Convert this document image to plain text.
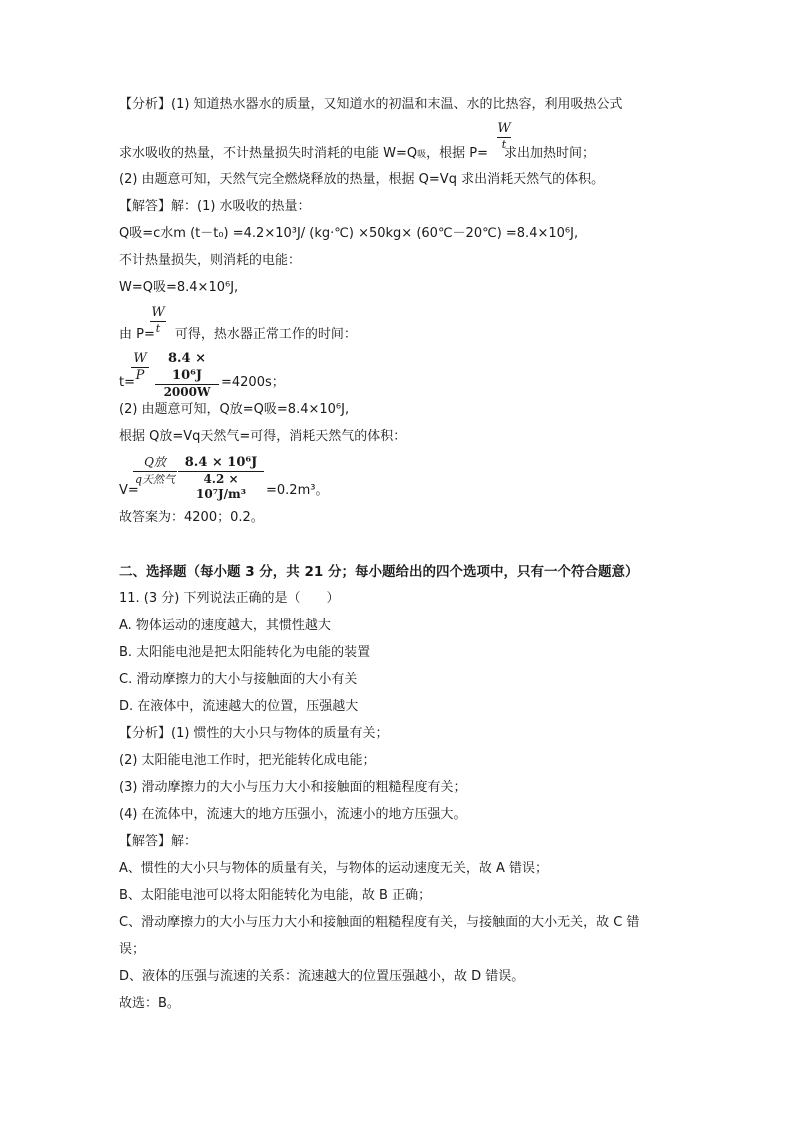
【分析】(1) 知道热水器水的质量，又知道水的初温和末温、水的比热容，利用吸热公式
W
t
求水吸收的热量，不计热量损失时消耗的电能 W=Q吸，根据 P= 求出加热时间；
(2) 由题意可知，天然气完全燃烧释放的热量，根据 Q=Vq 求出消耗天然气的体积。
【解答】解：(1) 水吸收的热量：
Q吸=c水m (t－t₀) =4.2×10³J/ (kg·℃) ×50kg× (60℃－20℃) =8.4×10⁶J,
不计热量损失，则消耗的电能：
W=Q吸=8.4×10⁶J,
W
t
由 P= 可得，热水器正常工作的时间：
$\frac{W}{P} \frac{\text{8.4 × 10⁶J}}{2000W}$
t=	=4200s；
(2) 由题意可知，Q放=Q吸=8.4×10⁶J,
根据 Q放=Vq天然气=可得，消耗天然气的体积：
Q放
q天然气 $\frac{\text{8.4 × 10⁶J}}{\text{4.2 × 10⁷J/m³}}$
V=	=0.2m³。
故答案为：4200；0.2。
二、选择题（每小题 3 分，共 21 分；每小题给出的四个选项中，只有一个符合题意）
11. (3 分) 下列说法正确的是（　　）
A. 物体运动的速度越大，其惯性越大
B. 太阳能电池是把太阳能转化为电能的装置
C. 滑动摩擦力的大小与接触面的大小有关
D. 在液体中，流速越大的位置，压强越大
【分析】(1) 惯性的大小只与物体的质量有关；
(2) 太阳能电池工作时，把光能转化成电能；
(3) 滑动摩擦力的大小与压力大小和接触面的粗糙程度有关；
(4) 在流体中，流速大的地方压强小，流速小的地方压强大。
【解答】解：
A、惯性的大小只与物体的质量有关，与物体的运动速度无关，故 A 错误；
B、太阳能电池可以将太阳能转化为电能，故 B 正确；
C、滑动摩擦力的大小与压力大小和接触面的粗糙程度有关，与接触面的大小无关，故 C 错
误；
D、液体的压强与流速的关系：流速越大的位置压强越小，故 D 错误。
故选：B。
